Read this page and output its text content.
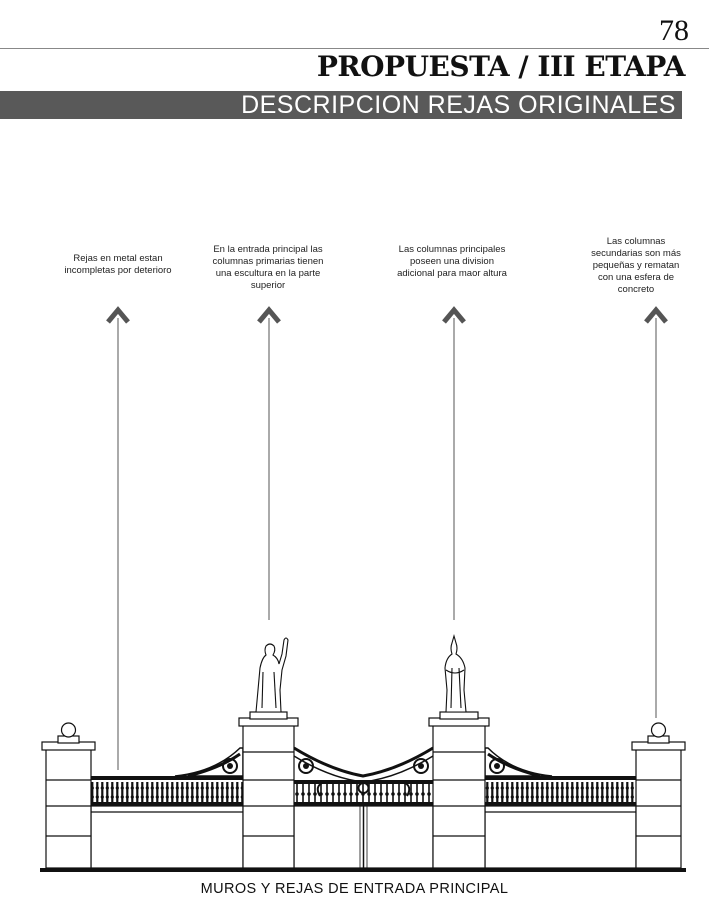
78
PROPUESTA / III ETAPA
DESCRIPCION REJAS ORIGINALES
Rejas en metal estan incompletas por deterioro
En la entrada principal las columnas primarias tienen una escultura en la parte superior
Las columnas principales poseen una division adicional para maor altura
Las columnas secundarias son más pequeñas y rematan con una esfera de concreto
MUROS Y REJAS DE ENTRADA PRINCIPAL
